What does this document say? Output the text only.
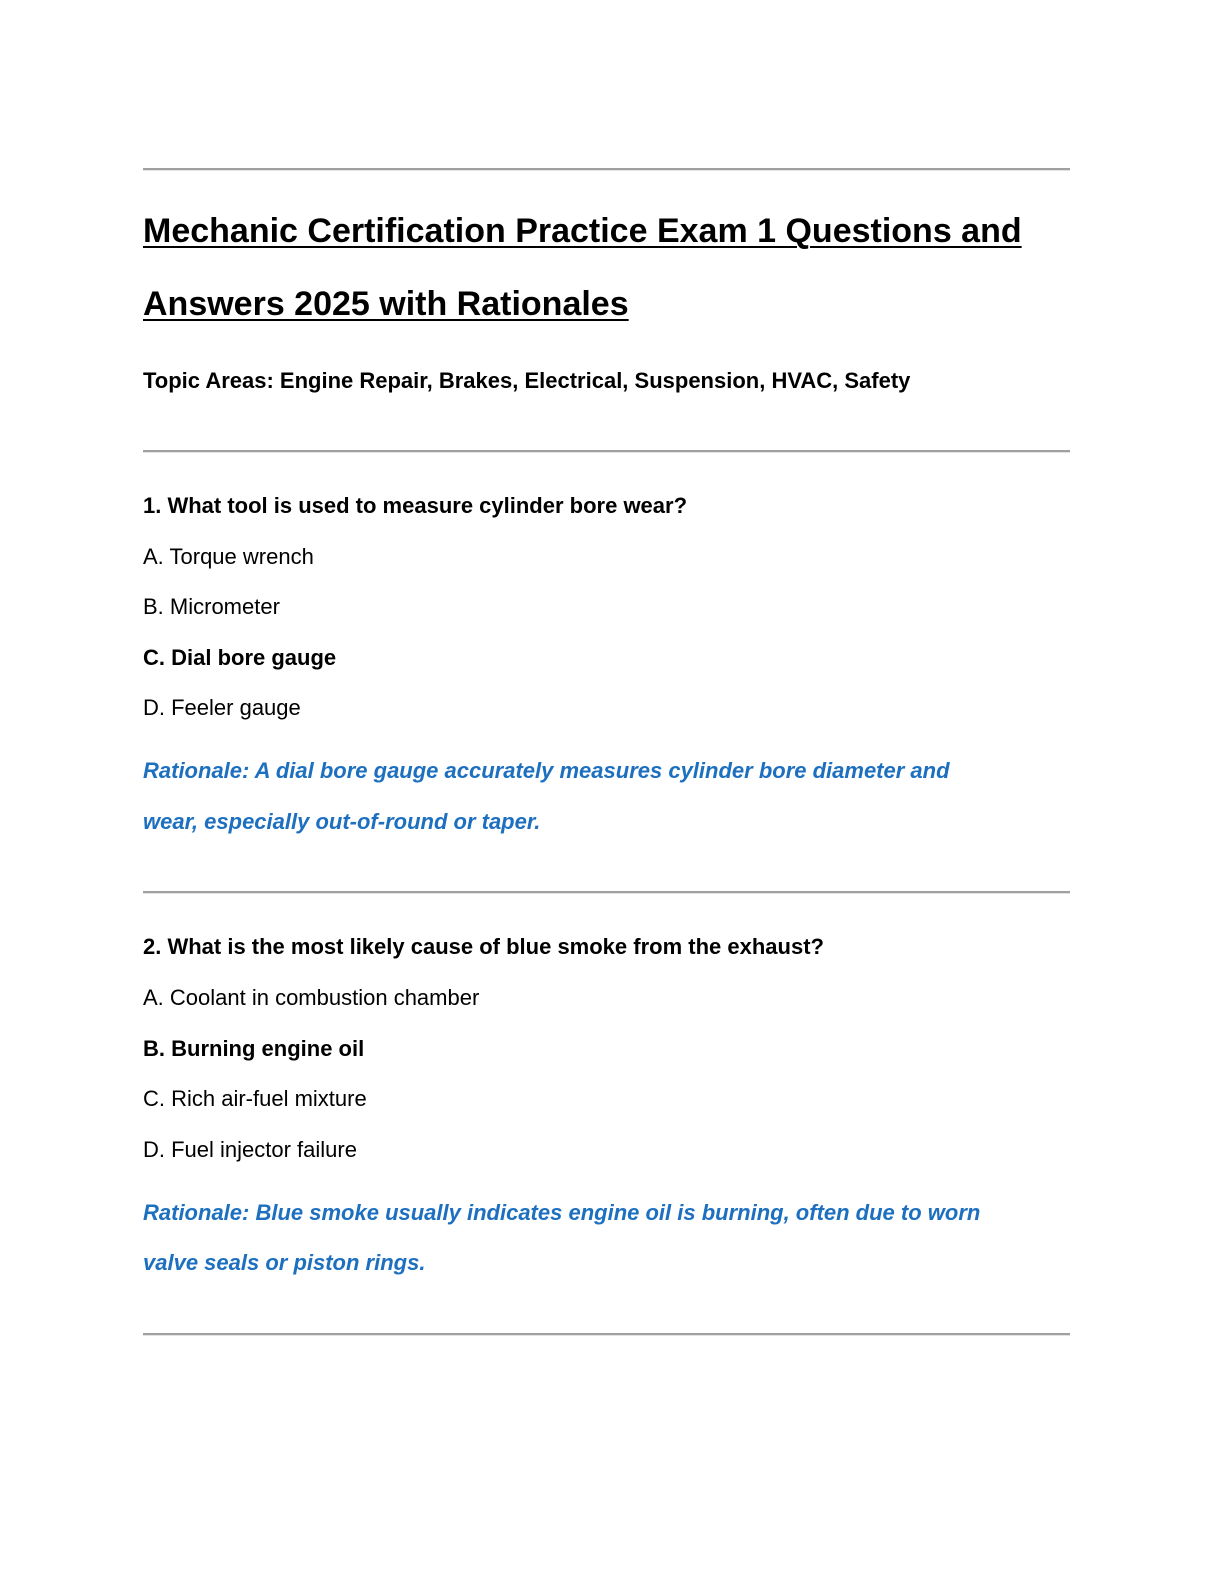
Mechanic Certification Practice Exam 1 Questions and
Answers 2025 with Rationales
Topic Areas: Engine Repair, Brakes, Electrical, Suspension, HVAC, Safety
1. What tool is used to measure cylinder bore wear?
A. Torque wrench
B. Micrometer
C. Dial bore gauge
D. Feeler gauge
Rationale: A dial bore gauge accurately measures cylinder bore diameter and
wear, especially out-of-round or taper.
2. What is the most likely cause of blue smoke from the exhaust?
A. Coolant in combustion chamber
B. Burning engine oil
C. Rich air-fuel mixture
D. Fuel injector failure
Rationale: Blue smoke usually indicates engine oil is burning, often due to worn
valve seals or piston rings.
